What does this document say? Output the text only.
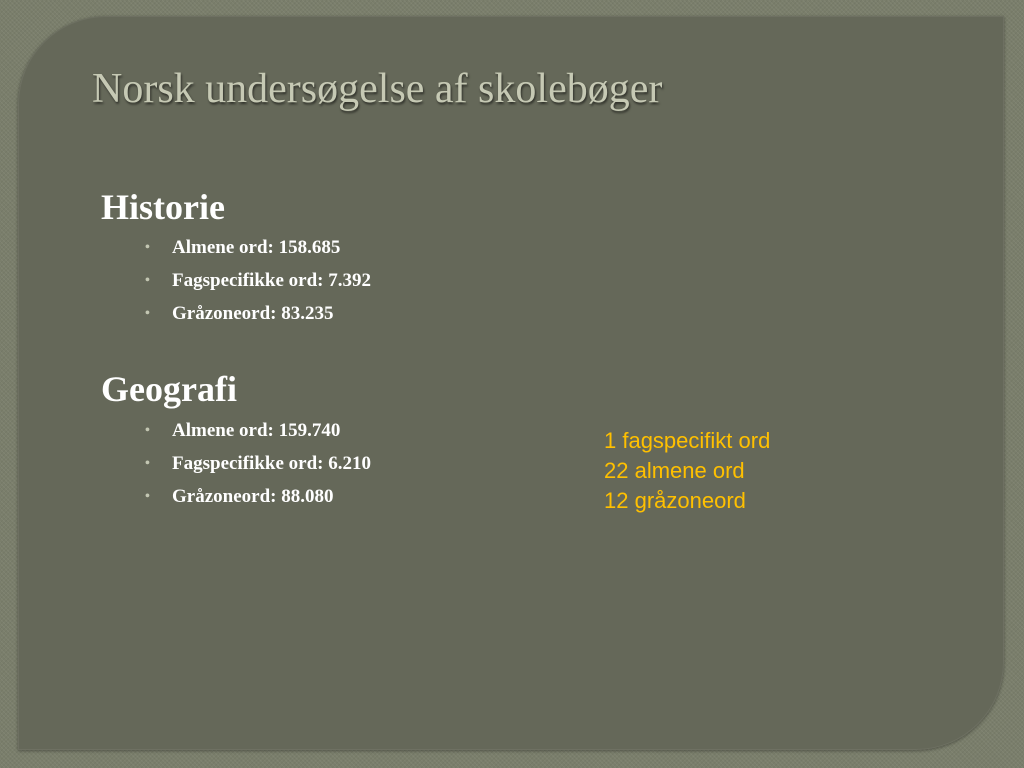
Norsk undersøgelse af skolebøger
Historie
•	Almene ord: 158.685
•	Fagspecifikke ord: 7.392
•	Gråzoneord: 83.235
Geografi
•	Almene ord: 159.740
•	Fagspecifikke ord: 6.210
•	Gråzoneord: 88.080
1 fagspecifikt ord
22 almene ord
12 gråzoneord
